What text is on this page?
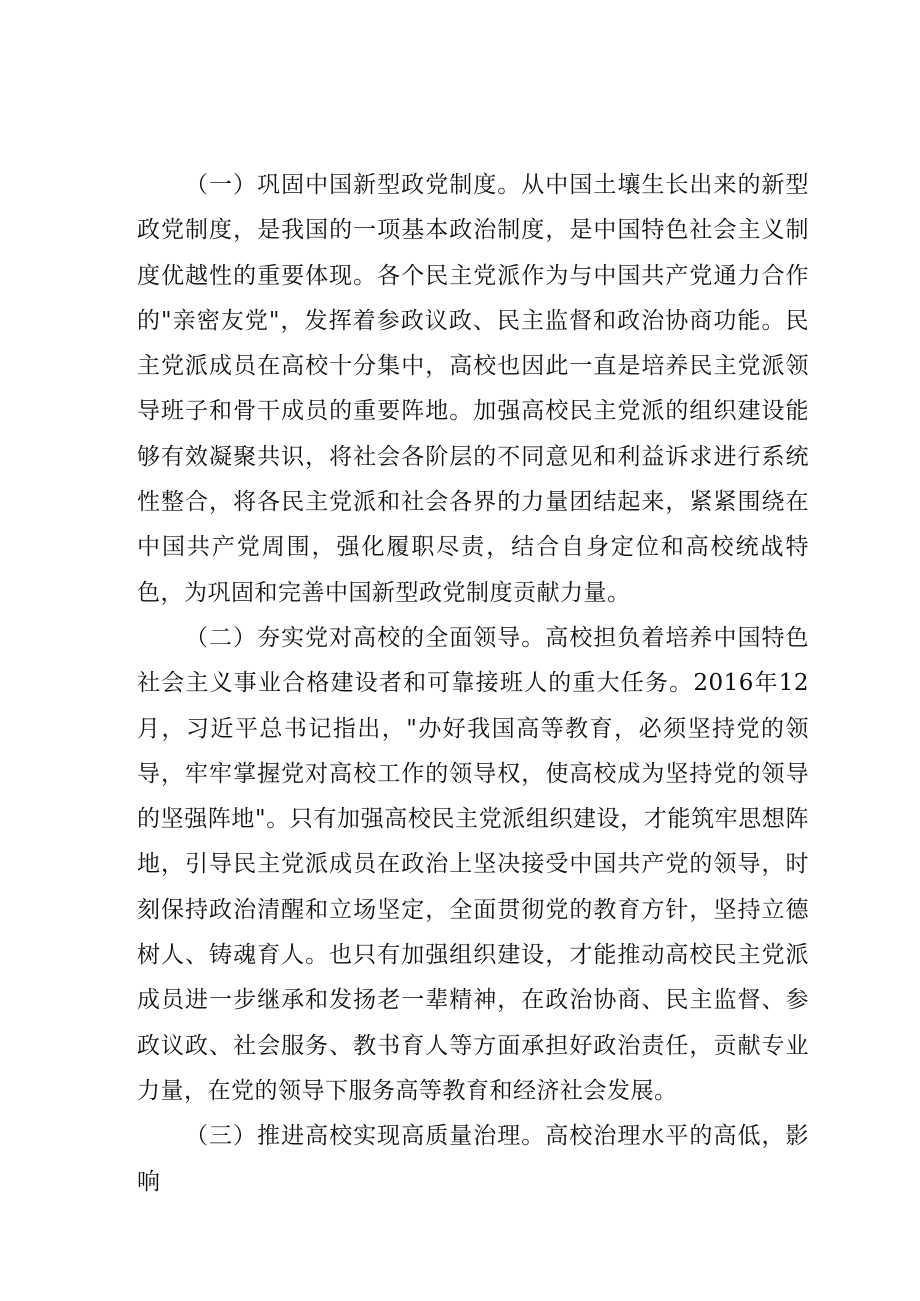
（一）巩固中国新型政党制度。从中国土壤生长出来的新型政党制度，是我国的一项基本政治制度，是中国特色社会主义制度优越性的重要体现。各个民主党派作为与中国共产党通力合作的"亲密友党"，发挥着参政议政、民主监督和政治协商功能。民主党派成员在高校十分集中，高校也因此一直是培养民主党派领导班子和骨干成员的重要阵地。加强高校民主党派的组织建设能够有效凝聚共识，将社会各阶层的不同意见和利益诉求进行系统性整合，将各民主党派和社会各界的力量团结起来，紧紧围绕在中国共产党周围，强化履职尽责，结合自身定位和高校统战特色，为巩固和完善中国新型政党制度贡献力量。

（二）夯实党对高校的全面领导。高校担负着培养中国特色社会主义事业合格建设者和可靠接班人的重大任务。2016年12月，习近平总书记指出，"办好我国高等教育，必须坚持党的领导，牢牢掌握党对高校工作的领导权，使高校成为坚持党的领导的坚强阵地"。只有加强高校民主党派组织建设，才能筑牢思想阵地，引导民主党派成员在政治上坚决接受中国共产党的领导，时刻保持政治清醒和立场坚定，全面贯彻党的教育方针，坚持立德树人、铸魂育人。也只有加强组织建设，才能推动高校民主党派成员进一步继承和发扬老一辈精神，在政治协商、民主监督、参政议政、社会服务、教书育人等方面承担好政治责任，贡献专业力量，在党的领导下服务高等教育和经济社会发展。

（三）推进高校实现高质量治理。高校治理水平的高低，影响
